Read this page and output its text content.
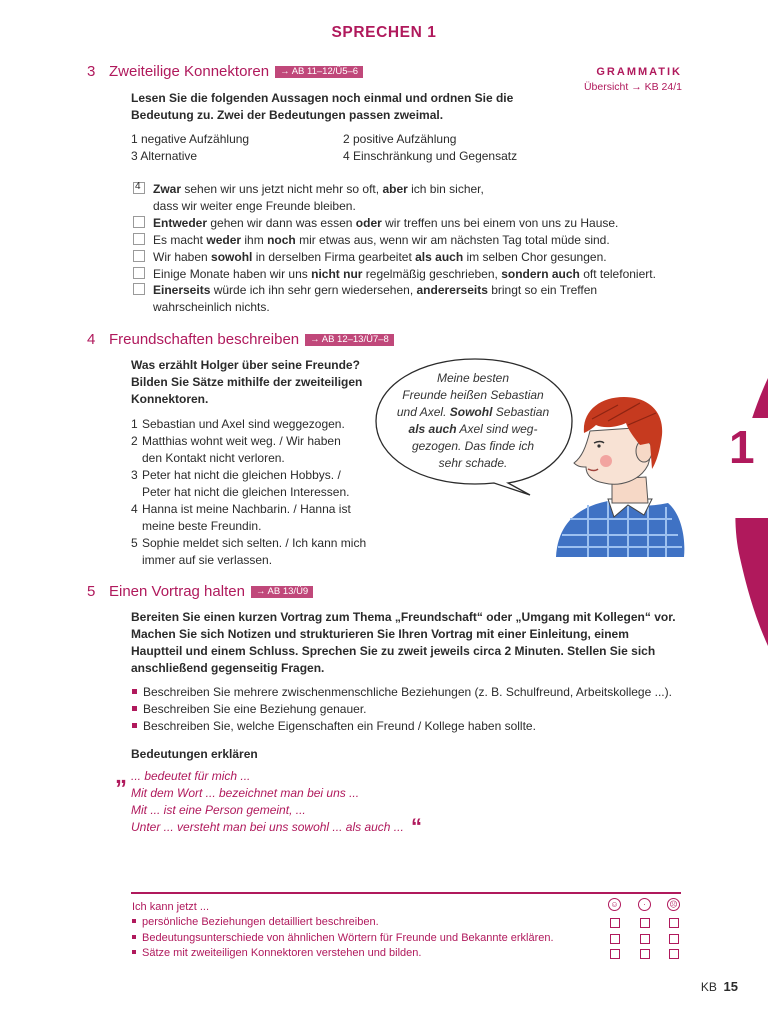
SPRECHEN 1
1
GRAMMATIK
Übersicht → KB 24/1
3 Zweiteilige Konnektoren → AB 11–12/Ü5–6
Lesen Sie die folgenden Aussagen noch einmal und ordnen Sie die
Bedeutung zu. Zwei der Bedeutungen passen zweimal.
1 negative Aufzählung	2 positive Aufzählung
3 Alternative	4 Einschränkung und Gegensatz
4 Zwar sehen wir uns jetzt nicht mehr so oft, aber ich bin sicher,
dass wir weiter enge Freunde bleiben.
Entweder gehen wir dann was essen oder wir treffen uns bei einem von uns zu Hause.
Es macht weder ihm noch mir etwas aus, wenn wir am nächsten Tag total müde sind.
Wir haben sowohl in derselben Firma gearbeitet als auch im selben Chor gesungen.
Einige Monate haben wir uns nicht nur regelmäßig geschrieben, sondern auch oft telefoniert.
Einerseits würde ich ihn sehr gern wiedersehen, andererseits bringt so ein Treffen
wahrscheinlich nichts.
4 Freundschaften beschreiben → AB 12–13/Ü7–8
Was erzählt Holger über seine Freunde?
Bilden Sie Sätze mithilfe der zweiteiligen
Konnektoren.
1 Sebastian und Axel sind weggezogen.
2 Matthias wohnt weit weg. / Wir haben
den Kontakt nicht verloren.
3 Peter hat nicht die gleichen Hobbys. /
Peter hat nicht die gleichen Interessen.
4 Hanna ist meine Nachbarin. / Hanna ist
meine beste Freundin.
5 Sophie meldet sich selten. / Ich kann mich
immer auf sie verlassen.
Meine besten
Freunde heißen Sebastian
und Axel. Sowohl Sebastian
als auch Axel sind weg-
gezogen. Das finde ich
sehr schade.
5 Einen Vortrag halten → AB 13/Ü9
Bereiten Sie einen kurzen Vortrag zum Thema „Freundschaft“ oder „Umgang mit Kollegen“ vor.
Machen Sie sich Notizen und strukturieren Sie Ihren Vortrag mit einer Einleitung, einem
Hauptteil und einem Schluss. Sprechen Sie zu zweit jeweils circa 2 Minuten. Stellen Sie sich
anschließend gegenseitig Fragen.
Beschreiben Sie mehrere zwischenmenschliche Beziehungen (z. B. Schulfreund, Arbeitskollege ...).
Beschreiben Sie eine Beziehung genauer.
Beschreiben Sie, welche Eigenschaften ein Freund / Kollege haben sollte.
Bedeutungen erklären
„ ... bedeutet für mich ...
Mit dem Wort ... bezeichnet man bei uns ...
Mit ... ist eine Person gemeint, ...
Unter ... versteht man bei uns sowohl ... als auch ... “
Ich kann jetzt ...
persönliche Beziehungen detailliert beschreiben.
Bedeutungsunterschiede von ähnlichen Wörtern für Freunde und Bekannte erklären.
Sätze mit zweiteiligen Konnektoren verstehen und bilden.
☺	·	☹
KB 15
